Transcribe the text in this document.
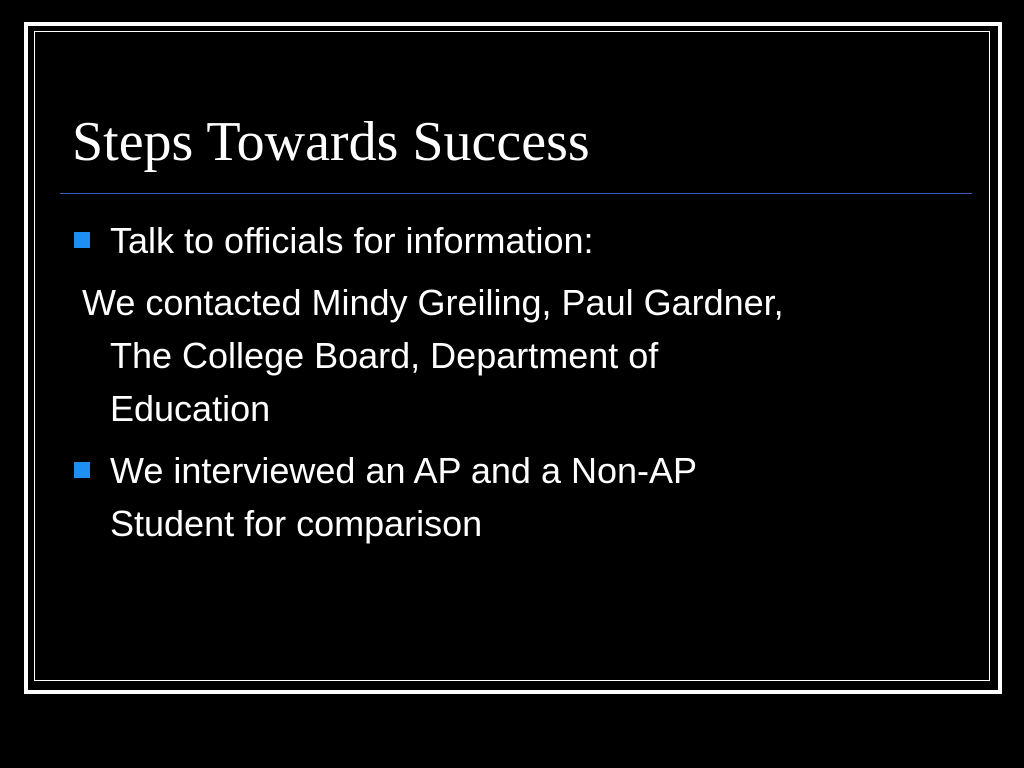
Steps Towards Success

Talk to officials for information:

We contacted Mindy Greiling, Paul Gardner,
The College Board, Department of
Education

We interviewed an AP and a Non-AP
Student for comparison
